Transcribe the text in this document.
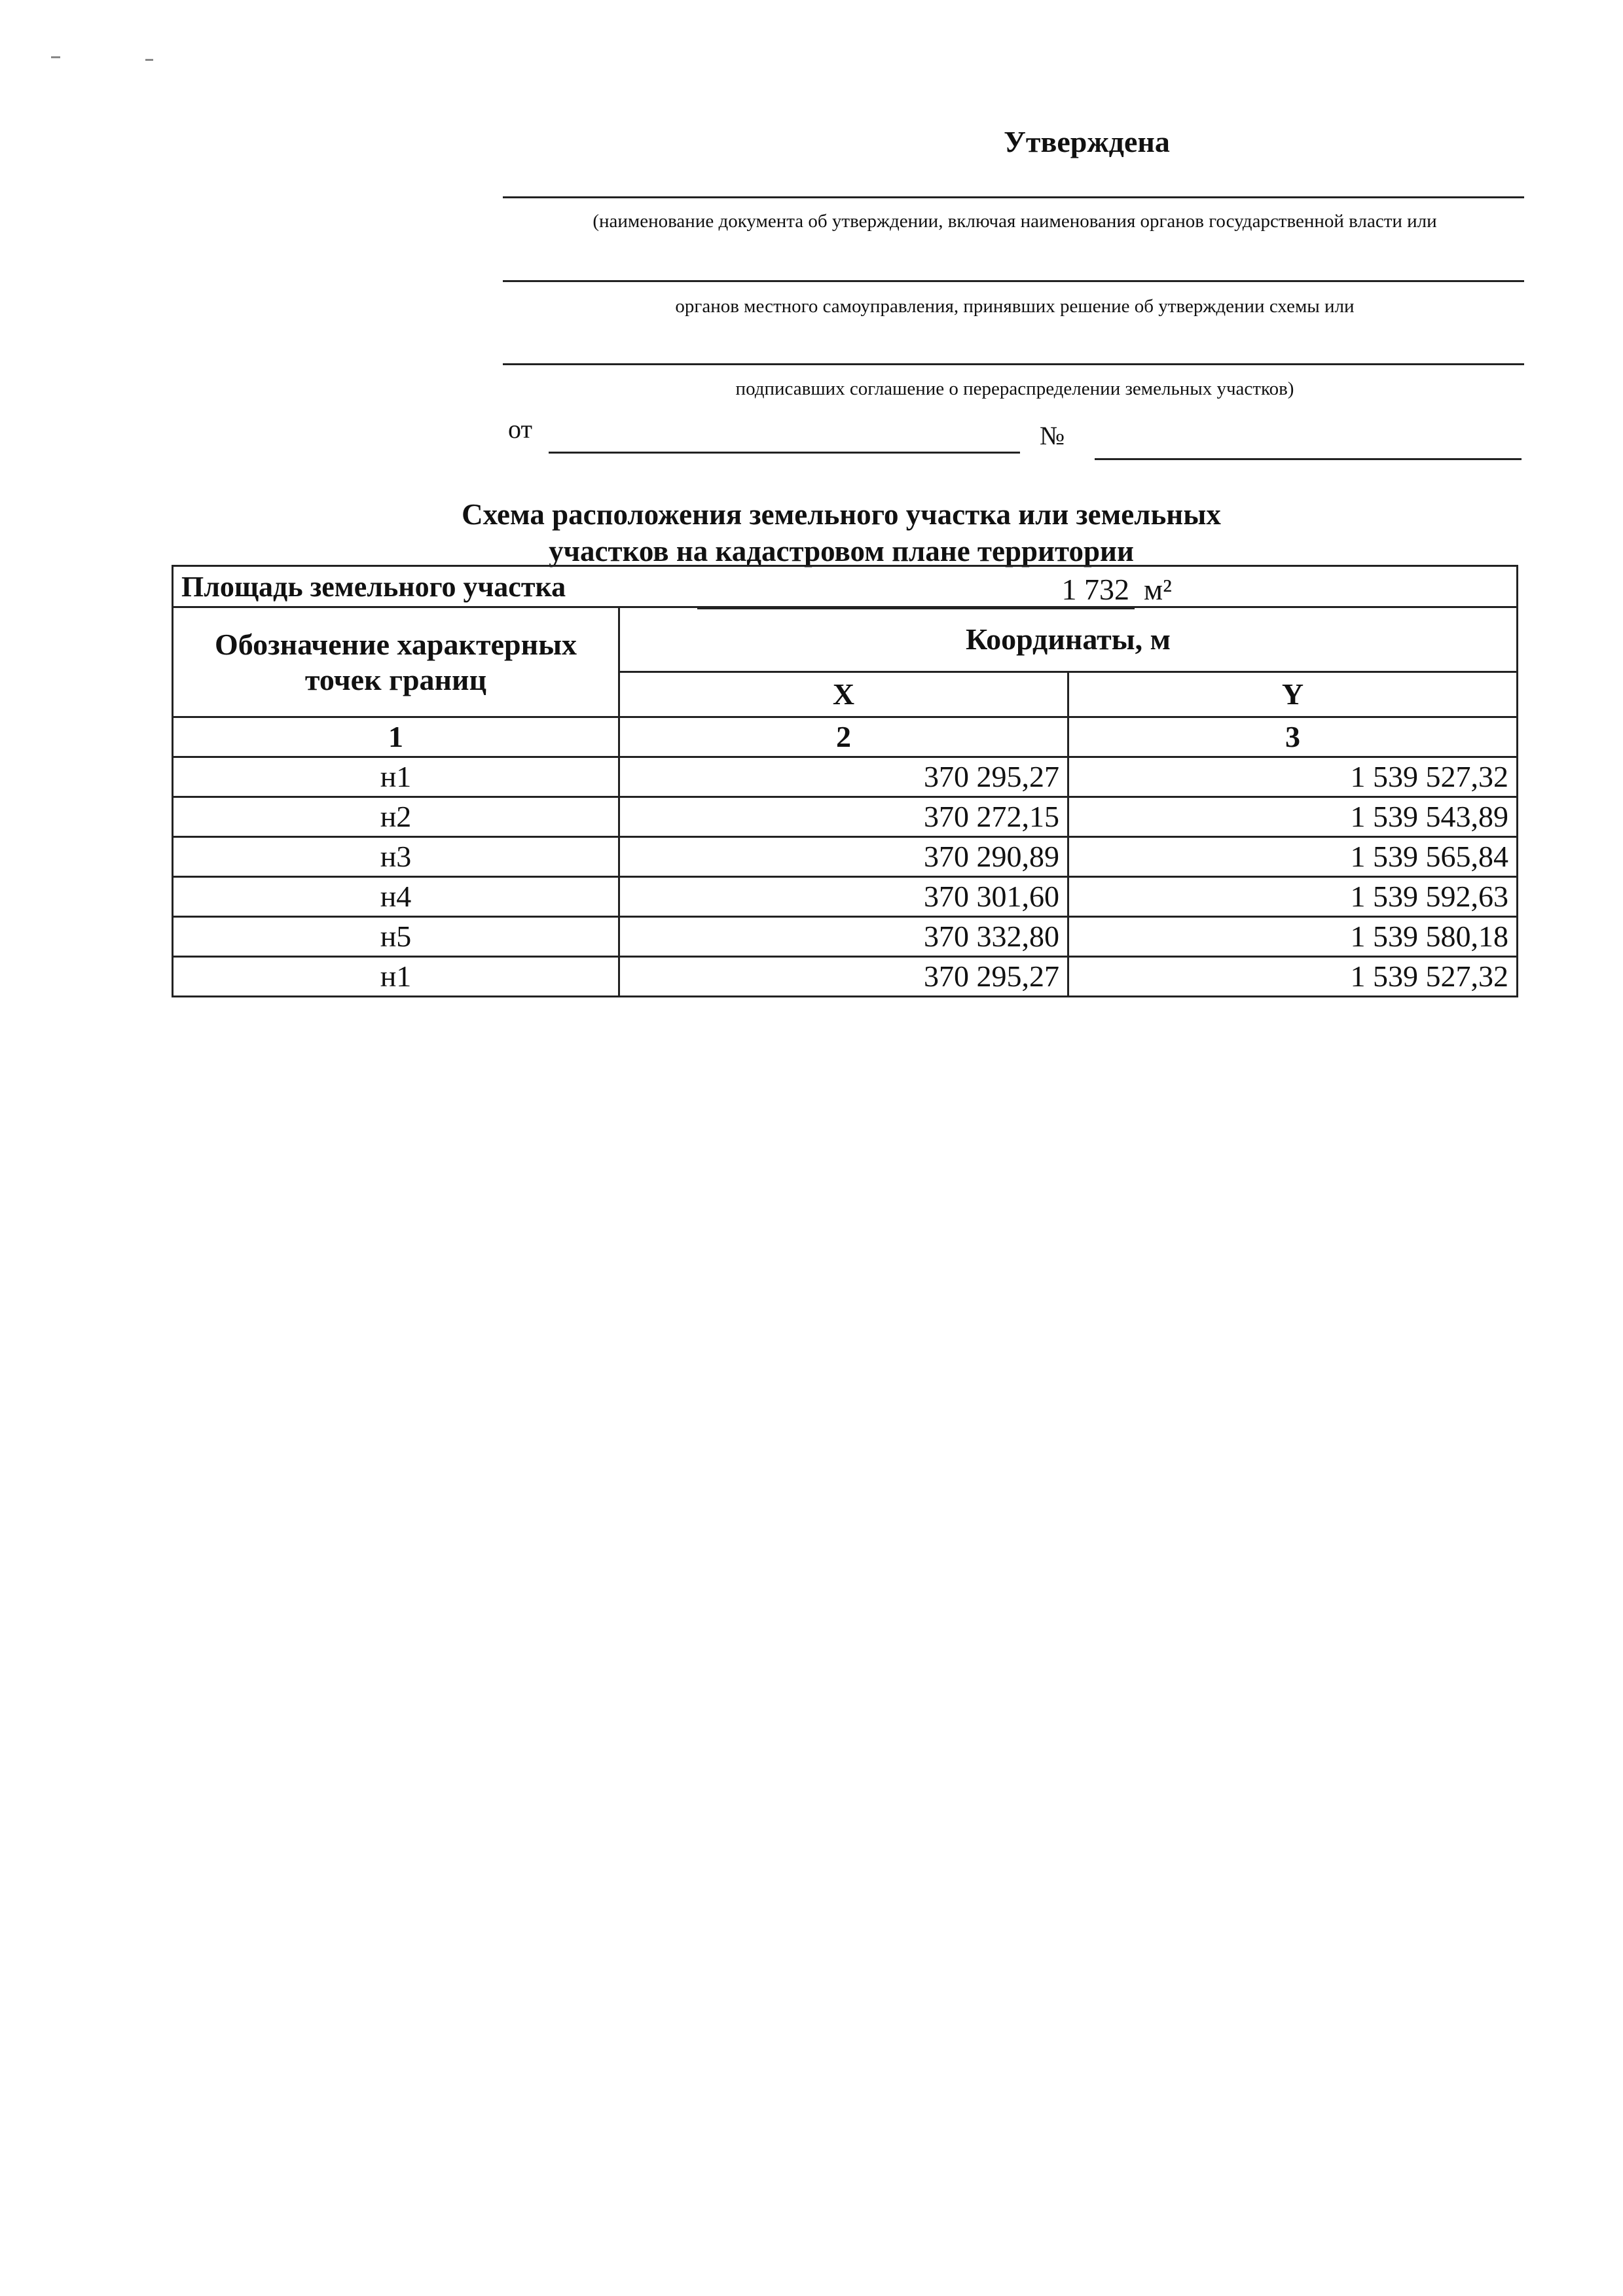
Утверждена
(наименование документа об утверждении, включая наименования органов государственной власти или
органов местного самоуправления, принявших решение об утверждении схемы или
подписавших соглашение о перераспределении земельных участков)
от	№
Схема расположения земельного участка или земельных
участков на кадастровом плане территории
Площадь земельного участка 1 732 м²		

Обозначение характерных точек границ	Координаты, м	
	X	Y
1	2	3
н1	370 295,27	1 539 527,32
н2	370 272,15	1 539 543,89
н3	370 290,89	1 539 565,84
н4	370 301,60	1 539 592,63
н5	370 332,80	1 539 580,18
н1	370 295,27	1 539 527,32
